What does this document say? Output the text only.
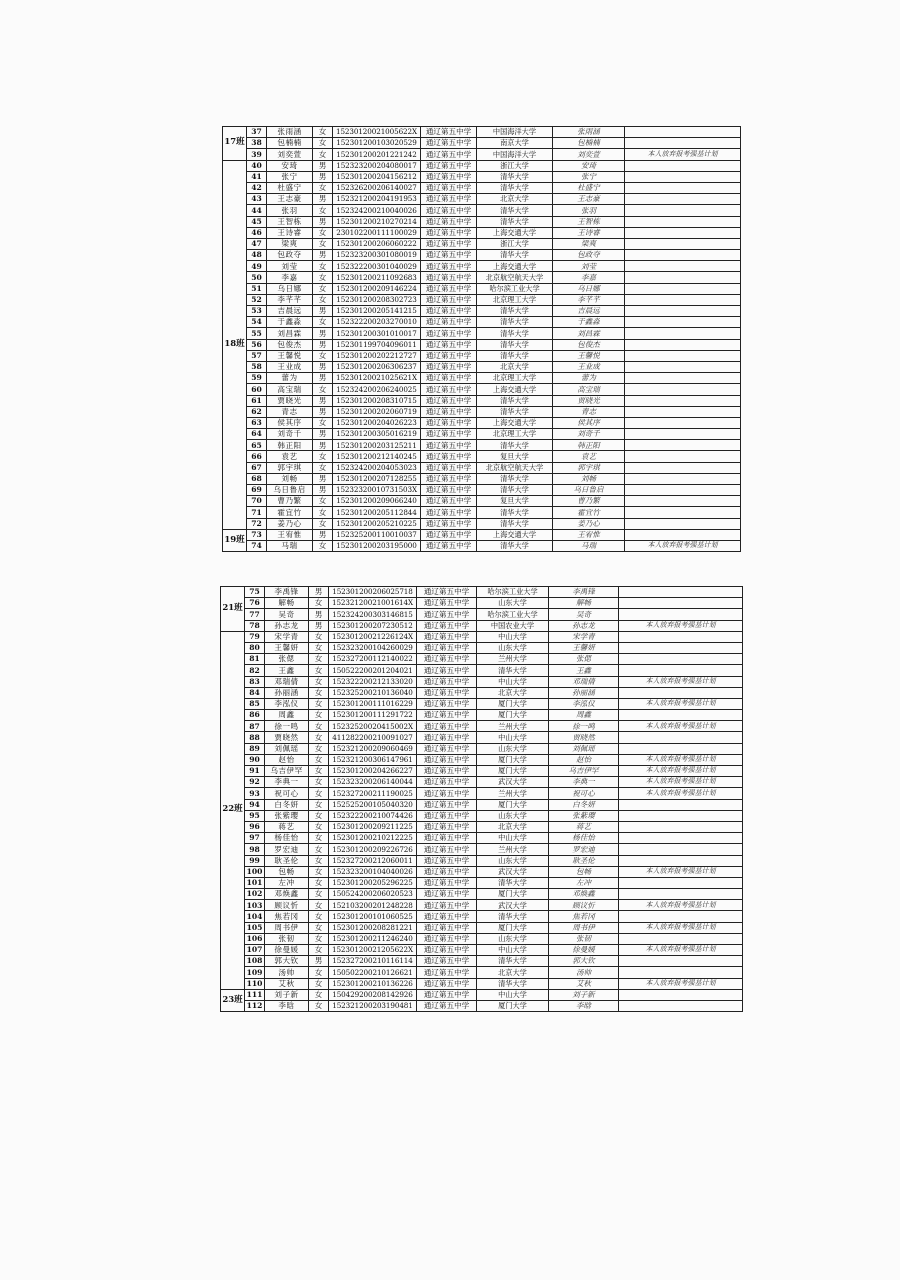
17班	37	张雨涵	女	15230120021005622X	通辽第五中学	中国海洋大学	张雨涵	
	38	包楠楠	女	152301200103020529	通辽第五中学	南京大学	包楠楠	
	39	刘奕萱	女	152301200201221242	通辽第五中学	中国海洋大学	刘奕萱	本人放弃报考强基计划
18班	40	安琦	男	152323200204080017	通辽第五中学	浙江大学	安琦	
	41	张宁	男	152301200204156212	通辽第五中学	清华大学	张宁	
	42	杜盛宁	女	152326200206140027	通辽第五中学	清华大学	杜盛宁	
	43	王志豪	男	152321200204191953	通辽第五中学	北京大学	王志豪	
	44	张羽	女	152324200210040026	通辽第五中学	清华大学	张羽	
	45	王智栋	男	152301200210270214	通辽第五中学	清华大学	王智栋	
	46	王诗睿	女	230102200111100029	通辽第五中学	上海交通大学	王诗睿	
	47	梁爽	女	152301200206060222	通辽第五中学	浙江大学	梁爽	
	48	包政夺	男	152323200301080019	通辽第五中学	清华大学	包政夺	
	49	刘莹	女	152322200301040029	通辽第五中学	上海交通大学	刘莹	
	50	李嘉	女	152301200211092683	通辽第五中学	北京航空航天大学	李嘉	
	51	乌日娜	女	152301200209146224	通辽第五中学	哈尔滨工业大学	乌日娜	
	52	李芊芊	女	152301200208302723	通辽第五中学	北京理工大学	李芊芊	
	53	吉晨远	男	152301200205141215	通辽第五中学	清华大学	吉晨远	
	54	于鑫淼	女	152322200203270010	通辽第五中学	清华大学	于鑫淼	
	55	刘昌霖	男	152301200301010017	通辽第五中学	清华大学	刘昌霖	
	56	包俊杰	男	152301199704096011	通辽第五中学	清华大学	包俊杰	
	57	王馨悦	女	152301200202212727	通辽第五中学	清华大学	王馨悦	
	58	王业成	男	152301200206306237	通辽第五中学	北京大学	王业成	
	59	蕾为	男	15230120021025621X	通辽第五中学	北京理工大学	蕾为	
	60	高宝瑞	女	152324200206240025	通辽第五中学	上海交通大学	高宝瑞	
	61	贾晓光	男	152301200208310715	通辽第五中学	清华大学	贾晓光	
	62	青志	男	152301200202060719	通辽第五中学	清华大学	青志	
	63	侯其序	女	152301200204026223	通辽第五中学	上海交通大学	侯其序	
	64	刘奇千	男	152301200305016219	通辽第五中学	北京理工大学	刘奇千	
	65	韩正阳	男	152301200203125211	通辽第五中学	清华大学	韩正阳	
	66	袁艺	女	152301200212140245	通辽第五中学	复旦大学	袁艺	
	67	郭宇琪	女	152324200204053023	通辽第五中学	北京航空航天大学	郭宇琪	
	68	刘畅	男	152301200207128255	通辽第五中学	清华大学	刘畅	
	69	乌日鲁启	男	15232320010731503X	通辽第五中学	清华大学	乌日鲁启	
	70	曹乃繁	女	152301200209066240	通辽第五中学	复旦大学	曹乃繁	
	71	霍宜竹	女	152301200205112844	通辽第五中学	清华大学	霍宜竹	
	72	姜乃心	女	152301200205210225	通辽第五中学	清华大学	姜乃心	
19班	73	王宥惟	男	152325200110010037	通辽第五中学	上海交通大学	王宥惟	
	74	马瑞	女	152301200203195000	通辽第五中学	清华大学	马瑞	本人放弃报考强基计划
21班	75	李禹锋	男	152301200206025718	通辽第五中学	哈尔滨工业大学	李禹锋	
	76	解畅	女	15232120021001614X	通辽第五中学	山东大学	解畅	
	77	吴奇	男	152324200303146815	通辽第五中学	哈尔滨工业大学	吴奇	
	78	孙志龙	男	152301200207230512	通辽第五中学	中国农业大学	孙志龙	本人放弃报考强基计划
22班	79	宋学青	女	15230120021226124X	通辽第五中学	中山大学	宋学青	
	80	王馨妍	女	152323200104260029	通辽第五中学	山东大学	王馨妍	
	81	张偲	女	152327200112140022	通辽第五中学	兰州大学	张偲	
	82	王鑫	女	150522200201204021	通辽第五中学	清华大学	王鑫	
	83	邓瑞倩	女	152322200212133020	通辽第五中学	中山大学	邓瑞倩	本人放弃报考强基计划
	84	孙丽涵	女	152325200210136040	通辽第五中学	北京大学	孙丽涵	
	85	李泓仪	女	152301200111016229	通辽第五中学	厦门大学	李泓仪	本人放弃报考强基计划
	86	周鑫	女	152301200111291722	通辽第五中学	厦门大学	周鑫	
	87	徐一鸣	女	15232520020415002X	通辽第五中学	兰州大学	徐一鸣	本人放弃报考强基计划
	88	贾晓然	女	411282200210091027	通辽第五中学	中山大学	贾晓然	
	89	刘佩瑶	女	152321200209060469	通辽第五中学	山东大学	刘佩瑶	
	90	赵怡	女	152321200306147961	通辽第五中学	厦门大学	赵怡	本人放弃报考强基计划
	91	乌吉伊罕	女	152301200204266227	通辽第五中学	厦门大学	乌吉伊罕	本人放弃报考强基计划
	92	李典一	女	152323200206140044	通辽第五中学	武汉大学	李典一	本人放弃报考强基计划
	93	祝可心	女	152327200211190025	通辽第五中学	兰州大学	祝可心	本人放弃报考强基计划
	94	白冬妍	女	152525200105040320	通辽第五中学	厦门大学	白冬妍	
	95	张紫璎	女	152322200210074426	通辽第五中学	山东大学	张紫璎	
	96	蒋艺	女	152301200209211225	通辽第五中学	北京大学	蒋艺	
	97	杨佳怡	女	152301200210212225	通辽第五中学	中山大学	杨佳怡	
	98	罗宏迪	女	152301200209226726	通辽第五中学	兰州大学	罗宏迪	
	99	耿圣伦	女	152327200212060011	通辽第五中学	山东大学	耿圣伦	
	100	包畅	女	152323200104040026	通辽第五中学	武汉大学	包畅	本人放弃报考强基计划
	101	左冲	女	152301200205296225	通辽第五中学	清华大学	左冲	
	102	邓焕鑫	女	150524200206020523	通辽第五中学	厦门大学	邓焕鑫	
	103	顾议忻	女	152103200201248228	通辽第五中学	武汉大学	顾议忻	本人放弃报考强基计划
	104	焦若冈	女	152301200101060525	通辽第五中学	清华大学	焦若冈	
	105	周书伊	女	152301200208281221	通辽第五中学	厦门大学	周书伊	本人放弃报考强基计划
	106	张韧	女	152301200211246240	通辽第五中学	山东大学	张韧	
	107	徐曼媛	女	15230120021205622X	通辽第五中学	中山大学	徐曼媛	本人放弃报考强基计划
	108	郭大钦	男	152327200210116114	通辽第五中学	清华大学	郭大钦	
	109	汤帅	女	150502200210126621	通辽第五中学	北京大学	汤帅	
	110	艾秋	女	152301200210136226	通辽第五中学	清华大学	艾秋	本人放弃报考强基计划
23班	111	刘子新	女	150429200208142926	通辽第五中学	中山大学	刘子新	
	112	李晗	女	152321200203190481	通辽第五中学	厦门大学	李晗	
